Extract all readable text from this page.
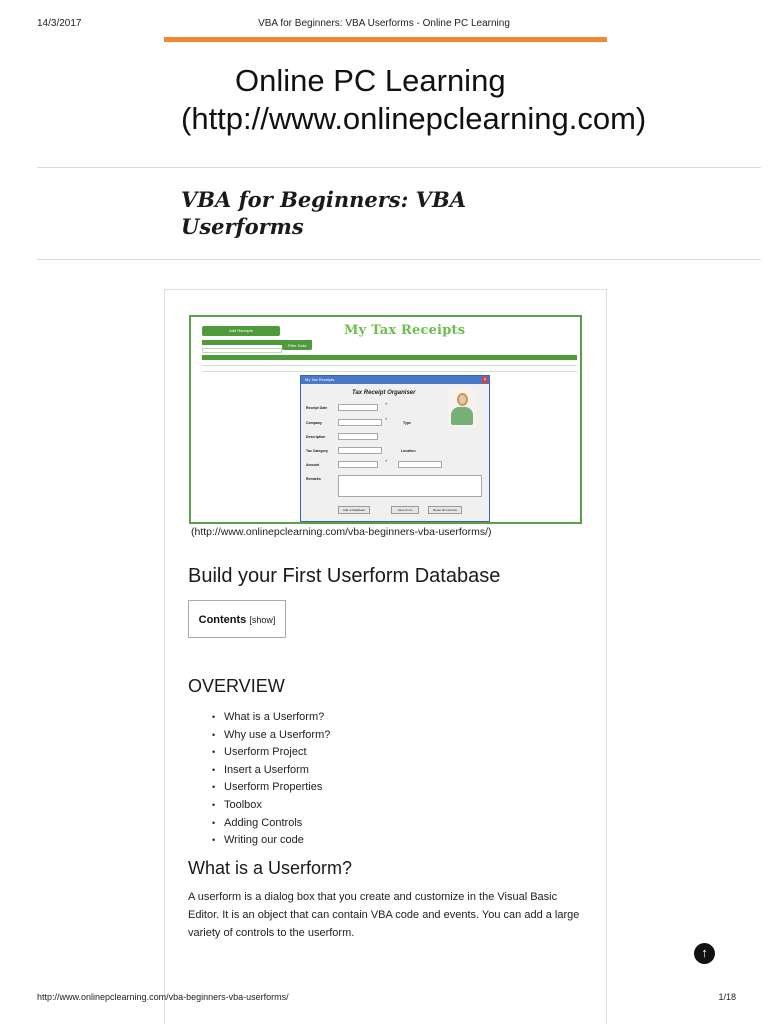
14/3/2017	VBA for Beginners: VBA Userforms - Online PC Learning
Online PC Learning
(http://www.onlinepclearning.com)
VBA for Beginners: VBA Userforms
Add Receipts	My Tax Receipts
Filter Data
My Tax Receipts	×
Tax Receipt Organiser
Receipt Date	*
Company	*	Type
Description
Tax Category	Location
Amount	*
Remarks
Add to Database	Save Form	Reset all Controls
(http://www.onlinepclearning.com/vba-beginners-vba-userforms/)
Build your First Userform Database
Contents [show]
OVERVIEW
• What is a Userform?
• Why use a Userform?
• Userform Project
• Insert a Userform
• Userform Properties
• Toolbox
• Adding Controls
• Writing our code
What is a Userform?

A userform is a dialog box that you create and customize in the Visual Basic Editor. It is an object that can contain VBA code and events. You can add a large variety of controls to the userform.

↑
http://www.onlinepclearning.com/vba-beginners-vba-userforms/	1/18
